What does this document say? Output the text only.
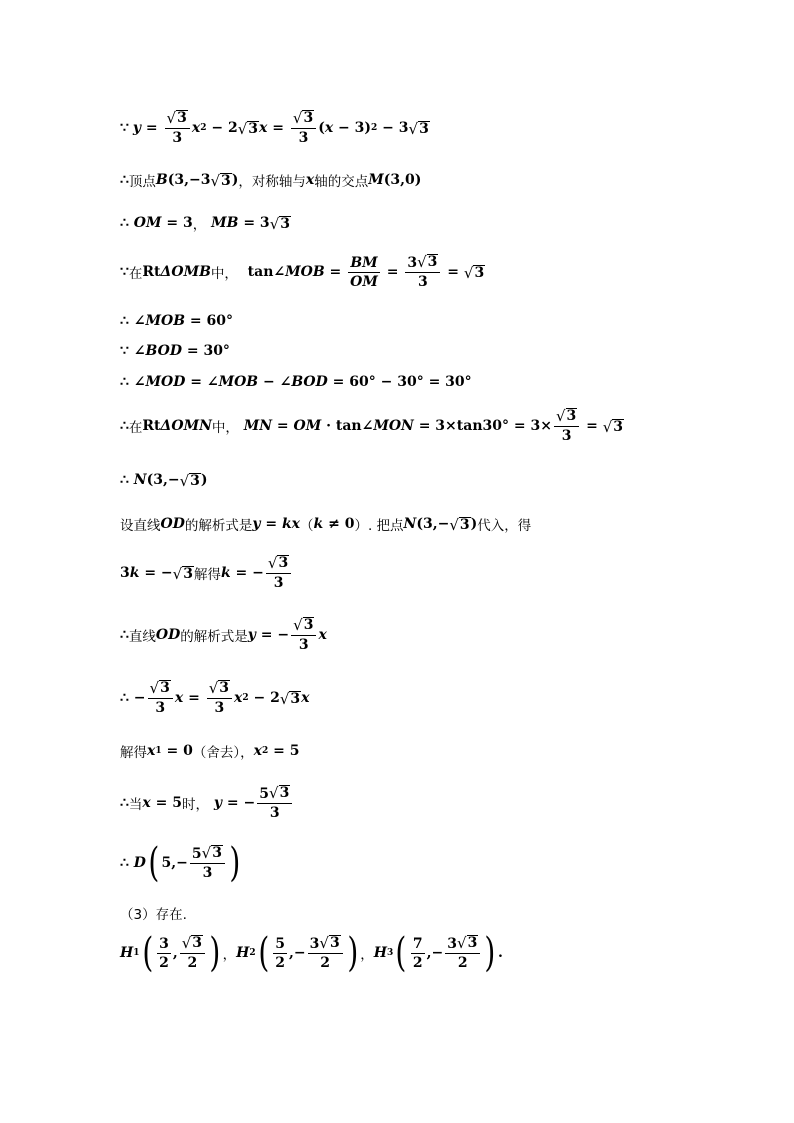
∵ $y = \frac{√ 3}{3}$ x 2 − 2 √ 3 $x = \frac{√ 3}{3}$ ( x − 3) 2 − 3 √ 3
∴ 顶点 B (3,−3 √ 3 ) ，对称轴与 x 轴的交点 M (3,0)
∴
OM = 3 ，
MB = 3 √ 3
∵ 在 Rt ΔOMB 中， tan∠ MOB = $\frac{BM}{OM} = \frac{3 √ 3}{3}$ = √ 3
∴ ∠ MOB = 60°
∵ ∠ BOD = 30°
∴ ∠ MOD = ∠ MOB − ∠ BOD = 60° − 30° = 30°
∴ 在 Rt ΔOMN 中，
MN = OM · tan∠ MON = $3\times\tan 30^\circ = 3\times \frac{√ 3}{3}$ = √ 3
∴
N (3,− √ 3 )
设直线 OD 的解析式是 y = kx （ k ≠ 0 ）. 把点 N (3,− √ 3 ) 代入，得
3 k = − √ 3 解得 k = − $\frac{√ 3}{3}$
∴ 直线 OD 的解析式是 y = − $\frac{√ 3}{3}$ x
∴ − $\frac{√ 3}{3}$ $x = \frac{√ 3}{3}$ x 2 − 2 √ 3 x
解得 x 1 = 0 （舍去）， x 2 = 5
∴ 当 x = 5 时，
y = − $\frac{5 √ 3}{3}$
∴
D ( $5,- \frac{5 √ 3}{3}$ )
（3）存在.
H 1 ( $\frac{3}{2}$ , $\frac{√ 3}{2}$ ) ， H 2 ( $\frac{5}{2}$ ,− $\frac{3 √ 3}{2}$ ) ， H 3 ( $\frac{7}{2}$ ,− $\frac{3 √ 3}{2}$ ) .
